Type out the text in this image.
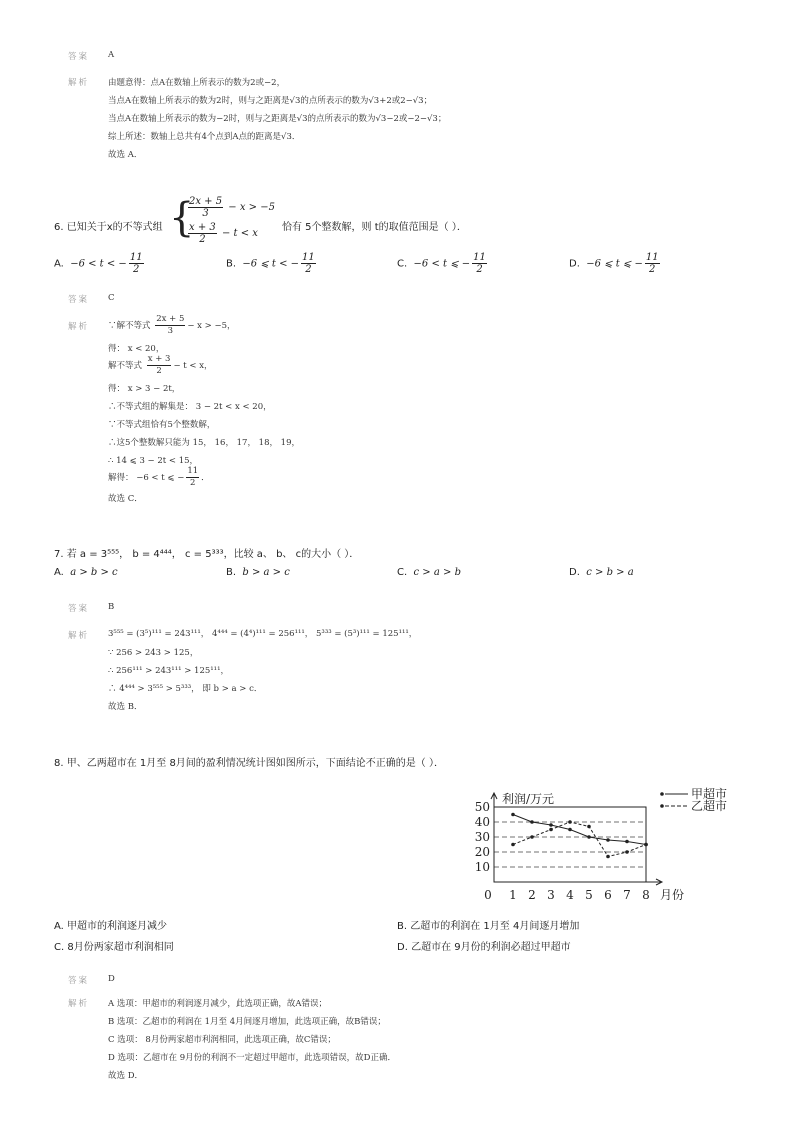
答案 A
解析 由题意得：点A在数轴上所表示的数为2或−2，
当点A在数轴上所表示的数为2时，则与之距离是√3的点所表示的数为√3+2或2−√3；
当点A在数轴上所表示的数为−2时，则与之距离是√3的点所表示的数为√3−2或−2−√3；
综上所述：数轴上总共有4个点到A点的距离是√3．
故选 A．
6. 已知关于x的不等式组 {
$\frac{2x + 5}{3} - x > -5$
$\frac{x + 3}{2} - t < x$
恰有 5个整数解，则 t的取值范围是（ ）．
A. −6 < t < − $\frac{11}{2}$	B. −6 ⩽ t < − $\frac{11}{2}$	C. −6 < t ⩽ − $\frac{11}{2}$	D. −6 ⩽ t ⩽ − $\frac{11}{2}$
答案 C
解析 ∵解不等式 $\frac{2x + 5}{3} - x > -5$，
得： x < 20，
解不等式 $\frac{x + 3}{2} - t < x$，
得： x > 3 − 2t，
∴不等式组的解集是： 3 − 2t < x < 20，
∵不等式组恰有5个整数解，
∴这5个整数解只能为 15， 16， 17， 18， 19，
∴ 14 ⩽ 3 − 2t < 15，
解得： −6 < t ⩽ − $\frac{11}{2}$ ．
故选 C．
7. 若 a = 3⁵⁵⁵， b = 4⁴⁴⁴， c = 5³³³，比较 a、 b、 c的大小（ ）．
A. a > b > c	B. b > a > c	C. c > a > b	D. c > b > a
答案 B
解析 3⁵⁵⁵ = (3⁵)¹¹¹ = 243¹¹¹， 4⁴⁴⁴ = (4⁴)¹¹¹ = 256¹¹¹， 5³³³ = (5³)¹¹¹ = 125¹¹¹，
∵ 256 > 243 > 125，
∴ 256¹¹¹ > 243¹¹¹ > 125¹¹¹，
∴ 4⁴⁴⁴ > 3⁵⁵⁵ > 5³³³， 即 b > a > c．
故选 B．
8. 甲、乙两超市在 1月至 8月间的盈利情况统计图如图所示，下面结论不正确的是（ ）．
10
20
30
40
50
0 1 2 3 4 5 6 7 8
利润/万元
月份
甲超市
乙超市
A. 甲超市的利润逐月减少	B. 乙超市的利润在 1月至 4月间逐月增加
C. 8月份两家超市利润相同	D. 乙超市在 9月份的利润必超过甲超市
答案 D
解析 A 选项：甲超市的利润逐月减少，此选项正确，故A错误；
B 选项：乙超市的利润在 1月至 4月间逐月增加，此选项正确，故B错误；
C 选项： 8月份两家超市利润相同，此选项正确，故C错误；
D 选项：乙超市在 9月份的利润不一定超过甲超市，此选项错误，故D正确．
故选 D．
